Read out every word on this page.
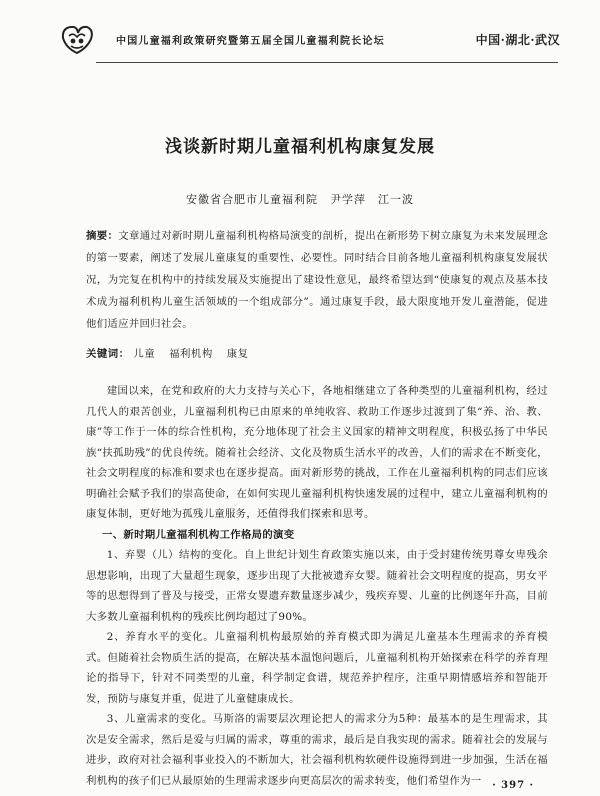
中国儿童福利政策研究暨第五届全国儿童福利院长论坛	中国·湖北·武汉
浅谈新时期儿童福利机构康复发展
安徽省合肥市儿童福利院　尹学萍　江一波
摘要：文章通过对新时期儿童福利机构格局演变的剖析，提出在新形势下树立康复为未来发展理念的第一要素，阐述了发展儿童康复的重要性、必要性。同时结合目前各地儿童福利机构康复发展状况，为完复在机构中的持续发展及实施提出了建设性意见，最终希望达到“使康复的观点及基本技术成为福利机构儿童生活领域的一个组成部分”。通过康复手段，最大限度地开发儿童潜能，促进他们适应并回归社会。
关键词： 儿童 福利机构 康复

建国以来，在党和政府的大力支持与关心下，各地相继建立了各种类型的儿童福利机构，经过几代人的艰苦创业，儿童福利机构已由原来的单纯收容、救助工作逐步过渡到了集“养、治、教、康”等工作于一体的综合性机构，充分地体现了社会主义国家的精神文明程度，积极弘扬了中华民族“扶孤助残”的优良传统。随着社会经济、文化及物质生活水平的改善，人们的需求在不断变化，社会文明程度的标准和要求也在逐步提高。面对新形势的挑战，工作在儿童福利机构的同志们应该明确社会赋予我们的崇高使命，在如何实现儿童福利机构快速发展的过程中，建立儿童福利机构的康复体制，更好地为孤残儿童服务，还值得我们探索和思考。

一、新时期儿童福利机构工作格局的演变

1、弃婴（儿）结构的变化。自上世纪计划生育政策实施以来，由于受封建传统男尊女卑残余思想影响，出现了大量超生现象，逐步出现了大批被遗弃女婴。随着社会文明程度的提高，男女平等的思想得到了普及与接受，正常女婴遗弃数量逐步减少，残疾弃婴、儿童的比例逐年升高，目前大多数儿童福利机构的残疾比例均超过了90%。

2、养育水平的变化。儿童福利机构最原始的养育模式即为满足儿童基本生理需求的养育模式。但随着社会物质生活的提高，在解决基本温饱问题后，儿童福利机构开始探索在科学的养育理论的指导下，针对不同类型的儿童，科学制定食谱，规范养护程序，注重早期情感培养和智能开发，预防与康复并重，促进了儿童健康成长。

3、儿童需求的变化。马斯洛的需要层次理论把人的需求分为5种：最基本的是生理需求，其次是安全需求，然后是爱与归属的需求，尊重的需求，最后是自我实现的需求。随着社会的发展与进步，政府对社会福利事业投入的不断加大，社会福利机构软硬件设施得到进一步加强，生活在福利机构的孩子们已从最原始的生理需求逐步向更高层次的需求转变，他们希望作为一	· 397 ·
